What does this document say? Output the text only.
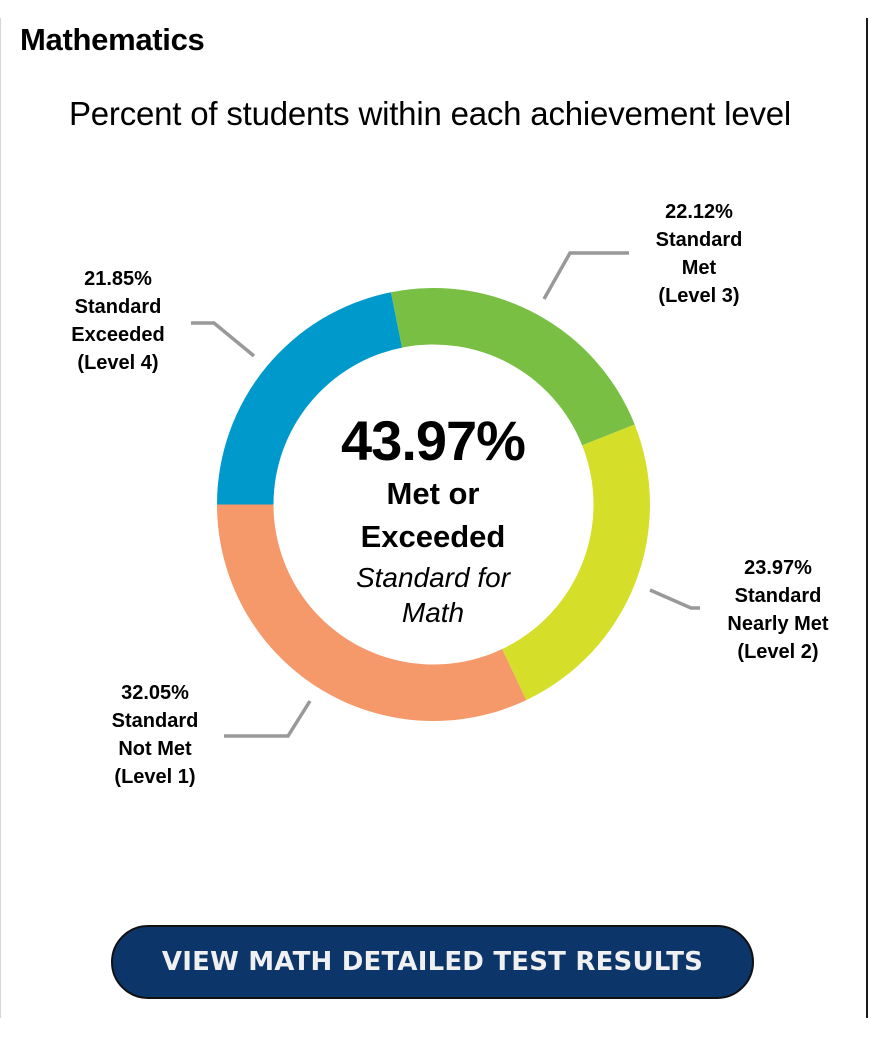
Mathematics
Percent of students within each achievement level
43.97%
Met or
Exceeded
Standard for
Math
21.85%
Standard
Exceeded
(Level 4)
22.12%
Standard
Met
(Level 3)
23.97%
Standard
Nearly Met
(Level 2)
32.05%
Standard
Not Met
(Level 1)
VIEW MATH DETAILED TEST RESULTS
